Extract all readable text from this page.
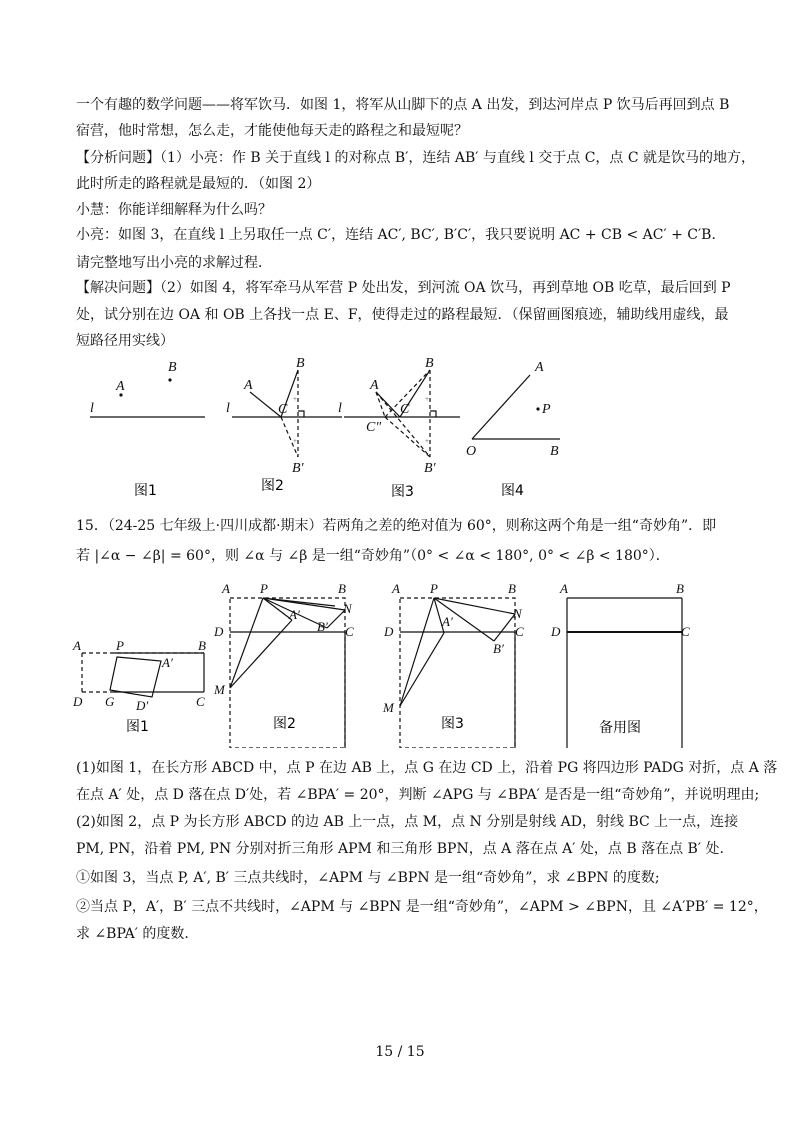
一个有趣的数学问题——将军饮马．如图 1，将军从山脚下的点 A 出发，到达河岸点 P 饮马后再回到点 B
宿营，他时常想，怎么走，才能使他每天走的路程之和最短呢？
【分析问题】（1）小亮：作 B 关于直线 l 的对称点 B′，连结 AB′ 与直线 l 交于点 C，点 C 就是饮马的地方，
此时所走的路程就是最短的．（如图 2）
小慧：你能详细解释为什么吗？
小亮：如图 3，在直线 l 上另取任一点 C′，连结 AC′, BC′, B′C′，我只要说明 AC + CB < AC′ + C′B．
请完整地写出小亮的求解过程．
【解决问题】（2）如图 4，将军牵马从军营 P 处出发，到河流 OA 饮马，再到草地 OB 吃草，最后回到 P
处，试分别在边 OA 和 OB 上各找一点 E、F，使得走过的路程最短．（保留画图痕迹，辅助线用虚线，最
短路径用实线）
A
B
l
A
B
l	C
B′
A
B
l	C
C″
B′
A
P
O	B
+
+
+
+
图1	图2	图3	图4
15．（24-25 七年级上·四川成都·期末）若两角之差的绝对值为 60°，则称这两个角是一组“奇妙角”．即
若 |∠α − ∠β| = 60°，则 ∠α 与 ∠β 是一组“奇妙角”（0° < ∠α < 180°, 0° < ∠β < 180°）．
A	P	B
A′
D G D′	C
A P	B
D
A′
B′
N
C
M
A P	B
D
A′
B′
N
C
M
A	B
D	C
图1	图2	图3	备用图
(1)如图 1，在长方形 ABCD 中，点 P 在边 AB 上，点 G 在边 CD 上，沿着 PG 将四边形 PADG 对折，点 A 落
在点 A′ 处，点 D 落在点 D′处，若 ∠BPA′ = 20°，判断 ∠APG 与 ∠BPA′ 是否是一组“奇妙角”，并说明理由;
(2)如图 2，点 P 为长方形 ABCD 的边 AB 上一点，点 M，点 N 分别是射线 AD，射线 BC 上一点，连接
PM, PN，沿着 PM, PN 分别对折三角形 APM 和三角形 BPN，点 A 落在点 A′ 处，点 B 落在点 B′ 处.
①如图 3，当点 P, A′, B′ 三点共线时，∠APM 与 ∠BPN 是一组“奇妙角”，求 ∠BPN 的度数;
②当点 P，A′，B′ 三点不共线时，∠APM 与 ∠BPN 是一组“奇妙角”，∠APM > ∠BPN，且 ∠A′PB′ = 12°，
求 ∠BPA′ 的度数.
15 / 15
